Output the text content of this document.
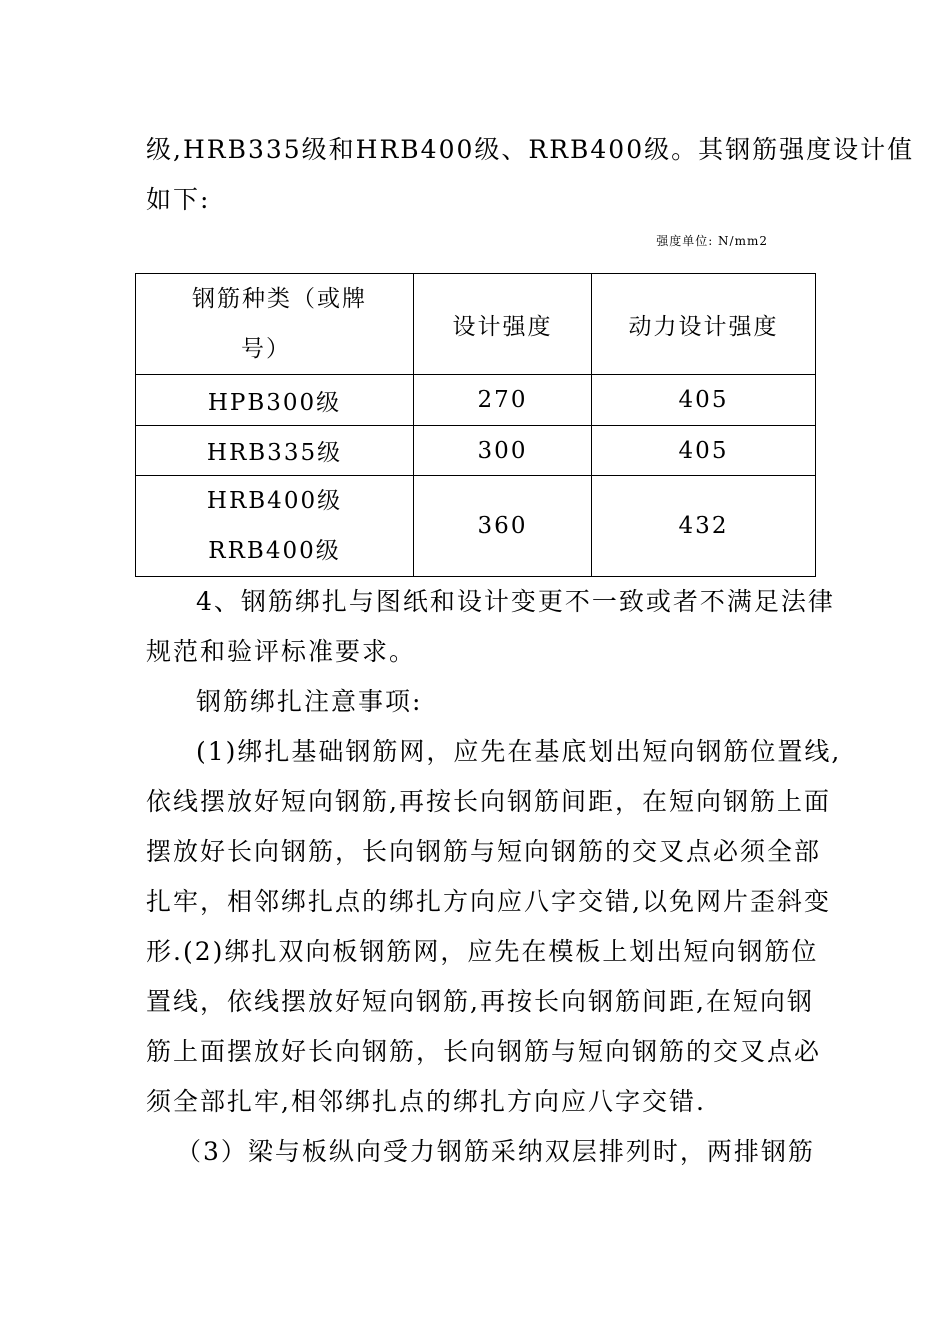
级,HRB335级和HRB400级、RRB400级。其钢筋强度设计值
如下:
强度单位: N/mm2
钢筋种类（或牌
号）	设计强度	动力设计强度
HPB300级	270	405
HRB335级	300	405

HRB400级
RRB400级	360	432
4、钢筋绑扎与图纸和设计变更不一致或者不满足法律
规范和验评标准要求。
钢筋绑扎注意事项:
(1)绑扎基础钢筋网，应先在基底划出短向钢筋位置线,
依线摆放好短向钢筋,再按长向钢筋间距，在短向钢筋上面
摆放好长向钢筋，长向钢筋与短向钢筋的交叉点必须全部
扎牢，相邻绑扎点的绑扎方向应八字交错,以免网片歪斜变
形.(2)绑扎双向板钢筋网，应先在模板上划出短向钢筋位
置线，依线摆放好短向钢筋,再按长向钢筋间距,在短向钢
筋上面摆放好长向钢筋，长向钢筋与短向钢筋的交叉点必
须全部扎牢,相邻绑扎点的绑扎方向应八字交错.
（3）梁与板纵向受力钢筋采纳双层排列时，两排钢筋
